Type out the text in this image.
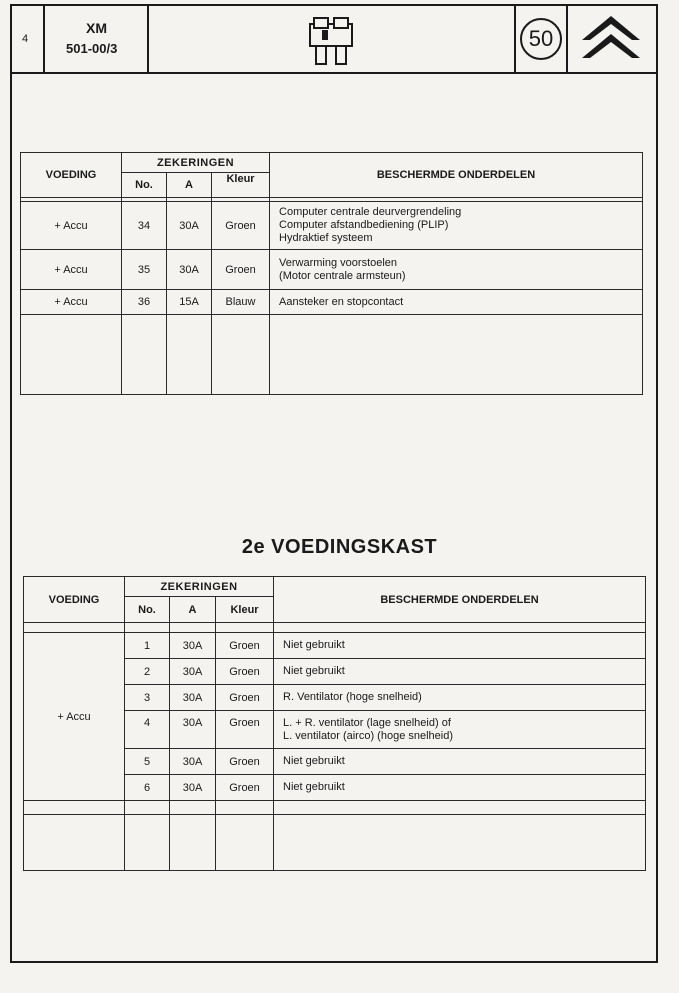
4
XM
501-00/3	50
VOEDING	ZEKERINGEN			BESCHERMDE ONDERDELEN
	No.	A	Kleur	

+ Accu	34	30A	Groen	Computer centrale deurvergrendeling
Computer afstandbediening (PLIP)
Hydraktief systeem

+ Accu	35	30A	Groen	Verwarming voorstoelen
(Motor centrale armsteun)

+ Accu	36	15A	Blauw	Aansteker en stopcontact

2e VOEDINGSKAST
VOEDING	ZEKERINGEN			BESCHERMDE ONDERDELEN
	No.	A	Kleur	

+ Accu	1	30A	Groen	Niet gebruikt

	2	30A	Groen	Niet gebruikt

	3	30A	Groen	R. Ventilator (hoge snelheid)

	4	30A	Groen	L. + R. ventilator (lage snelheid) of
L. ventilator (airco) (hoge snelheid)

	5	30A	Groen	Niet gebruikt

	6	30A	Groen	Niet gebruikt
